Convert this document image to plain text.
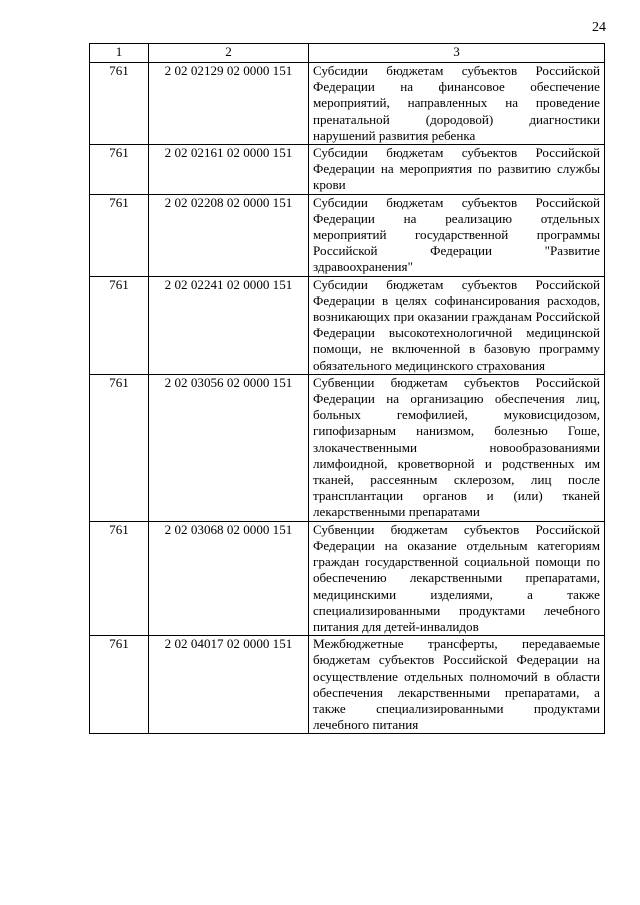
24
1	2	3
761	2 02 02129 02 0000 151	Субсидии бюджетам субъектов Российской Федерации на финансовое обеспечение мероприятий, направленных на проведение пренатальной (дородовой) диагностики нарушений развития ребенка
761	2 02 02161 02 0000 151	Субсидии бюджетам субъектов Российской Федерации на мероприятия по развитию службы крови
761	2 02 02208 02 0000 151	Субсидии бюджетам субъектов Российской Федерации на реализацию отдельных мероприятий государственной программы Российской Федерации "Развитие здравоохранения"
761	2 02 02241 02 0000 151	Субсидии бюджетам субъектов Российской Федерации в целях софинансирования расходов, возникающих при оказании гражданам Российской Федерации высокотехнологичной медицинской помощи, не включенной в базовую программу обязательного медицинского страхования
761	2 02 03056 02 0000 151	Субвенции бюджетам субъектов Российской Федерации на организацию обеспечения лиц, больных гемофилией, муковисцидозом, гипофизарным нанизмом, болезнью Гоше, злокачественными новообразованиями лимфоидной, кроветворной и родственных им тканей, рассеянным склерозом, лиц после трансплантации органов и (или) тканей лекарственными препаратами
761	2 02 03068 02 0000 151	Субвенции бюджетам субъектов Российской Федерации на оказание отдельным категориям граждан государственной социальной помощи по обеспечению лекарственными препаратами, медицинскими изделиями, а также специализированными продуктами лечебного питания для детей-инвалидов
761	2 02 04017 02 0000 151	Межбюджетные трансферты, передаваемые бюджетам субъектов Российской Федерации на осуществление отдельных полномочий в области обеспечения лекарственными препаратами, а также специализированными продуктами лечебного питания
